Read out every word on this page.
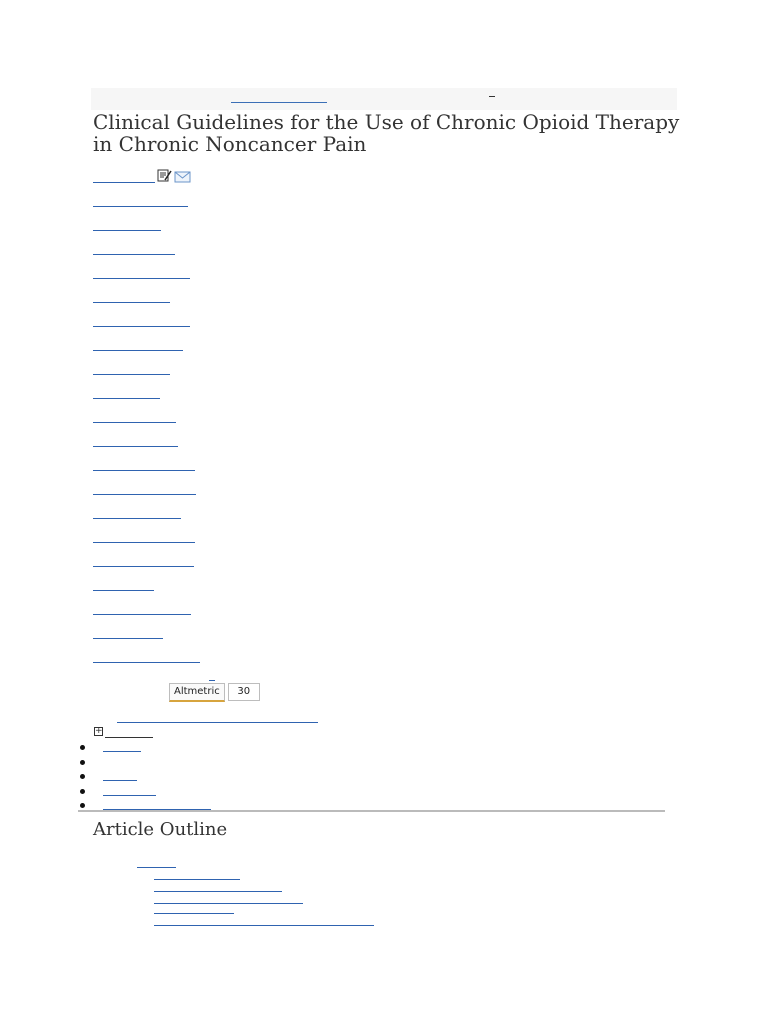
Clinical Guidelines for the Use of Chronic Opioid Therapy in Chronic Noncancer Pain
Altmetric	30
+
Article Outline
